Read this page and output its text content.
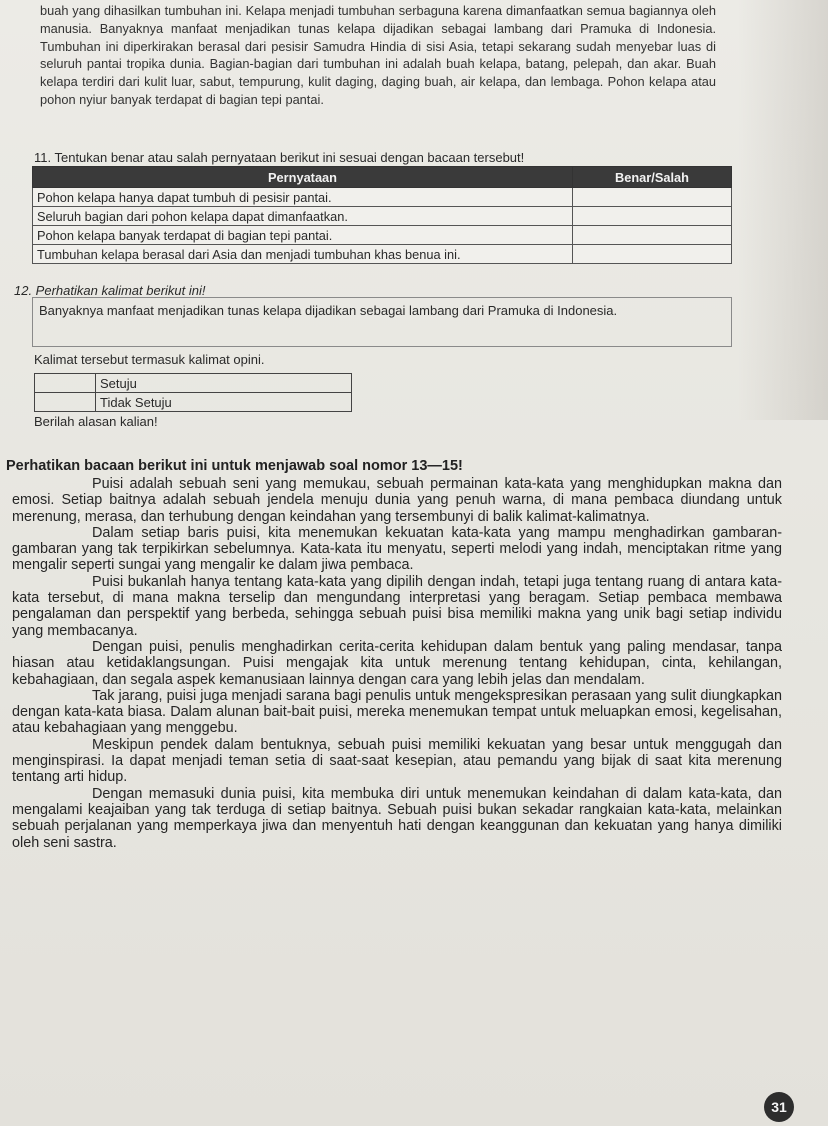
buah yang dihasilkan tumbuhan ini. Kelapa menjadi tumbuhan serbaguna karena dimanfaatkan semua bagiannya oleh manusia. Banyaknya manfaat menjadikan tunas kelapa dijadikan sebagai lambang dari Pramuka di Indonesia. Tumbuhan ini diperkirakan berasal dari pesisir Samudra Hindia di sisi Asia, tetapi sekarang sudah menyebar luas di seluruh pantai tropika dunia. Bagian-bagian dari tumbuhan ini adalah buah kelapa, batang, pelepah, dan akar. Buah kelapa terdiri dari kulit luar, sabut, tempurung, kulit daging, daging buah, air kelapa, dan lembaga. Pohon kelapa atau pohon nyiur banyak terdapat di bagian tepi pantai.

11. Tentukan benar atau salah pernyataan berikut ini sesuai dengan bacaan tersebut!
Pernyataan	Benar/Salah
Pohon kelapa hanya dapat tumbuh di pesisir pantai.	
Seluruh bagian dari pohon kelapa dapat dimanfaatkan.	
Pohon kelapa banyak terdapat di bagian tepi pantai.	
Tumbuhan kelapa berasal dari Asia dan menjadi tumbuhan khas benua ini.	
12. Perhatikan kalimat berikut ini!
Banyaknya manfaat menjadikan tunas kelapa dijadikan sebagai lambang dari Pramuka di Indonesia.
Kalimat tersebut termasuk kalimat opini.
	Setuju
	Tidak Setuju
Berilah alasan kalian!
Perhatikan bacaan berikut ini untuk menjawab soal nomor 13—15!

Puisi adalah sebuah seni yang memukau, sebuah permainan kata-kata yang menghidupkan makna dan emosi. Setiap baitnya adalah sebuah jendela menuju dunia yang penuh warna, di mana pembaca diundang untuk merenung, merasa, dan terhubung dengan keindahan yang tersembunyi di balik kalimat-kalimatnya.

Dalam setiap baris puisi, kita menemukan kekuatan kata-kata yang mampu menghadirkan gambaran-gambaran yang tak terpikirkan sebelumnya. Kata-kata itu menyatu, seperti melodi yang indah, menciptakan ritme yang mengalir seperti sungai yang mengalir ke dalam jiwa pembaca.

Puisi bukanlah hanya tentang kata-kata yang dipilih dengan indah, tetapi juga tentang ruang di antara kata-kata tersebut, di mana makna terselip dan mengundang interpretasi yang beragam. Setiap pembaca membawa pengalaman dan perspektif yang berbeda, sehingga sebuah puisi bisa memiliki makna yang unik bagi setiap individu yang membacanya.

Dengan puisi, penulis menghadirkan cerita-cerita kehidupan dalam bentuk yang paling mendasar, tanpa hiasan atau ketidaklangsungan. Puisi mengajak kita untuk merenung tentang kehidupan, cinta, kehilangan, kebahagiaan, dan segala aspek kemanusiaan lainnya dengan cara yang lebih jelas dan mendalam.

Tak jarang, puisi juga menjadi sarana bagi penulis untuk mengekspresikan perasaan yang sulit diungkapkan dengan kata-kata biasa. Dalam alunan bait-bait puisi, mereka menemukan tempat untuk meluapkan emosi, kegelisahan, atau kebahagiaan yang menggebu.

Meskipun pendek dalam bentuknya, sebuah puisi memiliki kekuatan yang besar untuk menggugah dan menginspirasi. Ia dapat menjadi teman setia di saat-saat kesepian, atau pemandu yang bijak di saat kita merenung tentang arti hidup.

Dengan memasuki dunia puisi, kita membuka diri untuk menemukan keindahan di dalam kata-kata, dan mengalami keajaiban yang tak terduga di setiap baitnya. Sebuah puisi bukan sekadar rangkaian kata-kata, melainkan sebuah perjalanan yang memperkaya jiwa dan menyentuh hati dengan keanggunan dan kekuatan yang hanya dimiliki oleh seni sastra.

31
